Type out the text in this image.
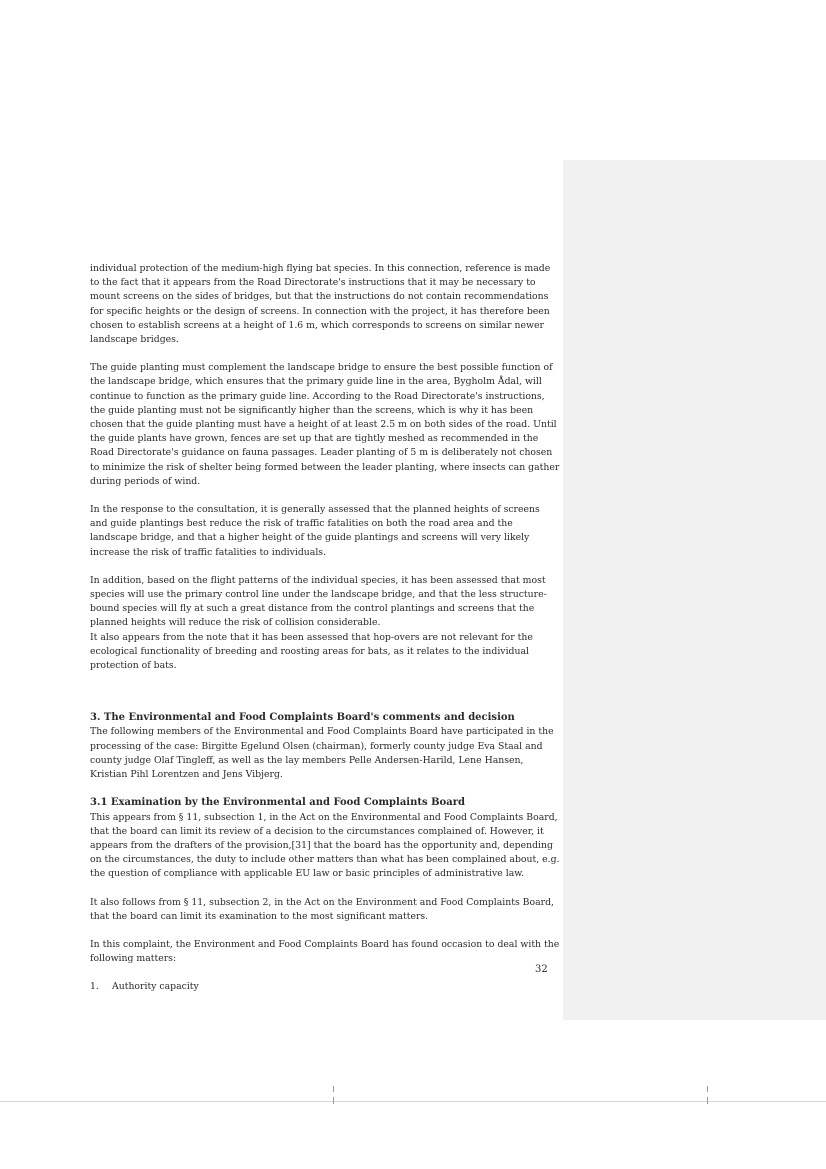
individual protection of the medium-high flying bat species. In this connection, reference is made to the fact that it appears from the Road Directorate's instructions that it may be necessary to mount screens on the sides of bridges, but that the instructions do not contain recommendations for specific heights or the design of screens. In connection with the project, it has therefore been chosen to establish screens at a height of 1.6 m, which corresponds to screens on similar newer landscape bridges.

The guide planting must complement the landscape bridge to ensure the best possible function of the landscape bridge, which ensures that the primary guide line in the area, Bygholm Ådal, will continue to function as the primary guide line. According to the Road Directorate's instructions, the guide planting must not be significantly higher than the screens, which is why it has been chosen that the guide planting must have a height of at least 2.5 m on both sides of the road. Until the guide plants have grown, fences are set up that are tightly meshed as recommended in the Road Directorate's guidance on fauna passages. Leader planting of 5 m is deliberately not chosen to minimize the risk of shelter being formed between the leader planting, where insects can gather during periods of wind.

In the response to the consultation, it is generally assessed that the planned heights of screens and guide plantings best reduce the risk of traffic fatalities on both the road area and the landscape bridge, and that a higher height of the guide plantings and screens will very likely increase the risk of traffic fatalities to individuals.

In addition, based on the flight patterns of the individual species, it has been assessed that most species will use the primary control line under the landscape bridge, and that the less structure-bound species will fly at such a great distance from the control plantings and screens that the planned heights will reduce the risk of collision considerable.

It also appears from the note that it has been assessed that hop-overs are not relevant for the ecological functionality of breeding and roosting areas for bats, as it relates to the individual protection of bats.

3. The Environmental and Food Complaints Board's comments and decision

The following members of the Environmental and Food Complaints Board have participated in the processing of the case: Birgitte Egelund Olsen (chairman), formerly county judge Eva Staal and county judge Olaf Tingleff, as well as the lay members Pelle Andersen-Harild, Lene Hansen, Kristian Pihl Lorentzen and Jens Vibjerg.

3.1 Examination by the Environmental and Food Complaints Board

This appears from § 11, subsection 1, in the Act on the Environmental and Food Complaints Board, that the board can limit its review of a decision to the circumstances complained of. However, it appears from the drafters of the provision,[31] that the board has the opportunity and, depending on the circumstances, the duty to include other matters than what has been complained about, e.g. the question of compliance with applicable EU law or basic principles of administrative law.

It also follows from § 11, subsection 2, in the Act on the Environment and Food Complaints Board, that the board can limit its examination to the most significant matters.

In this complaint, the Environment and Food Complaints Board has found occasion to deal with the following matters:

1.	Authority capacity
32
